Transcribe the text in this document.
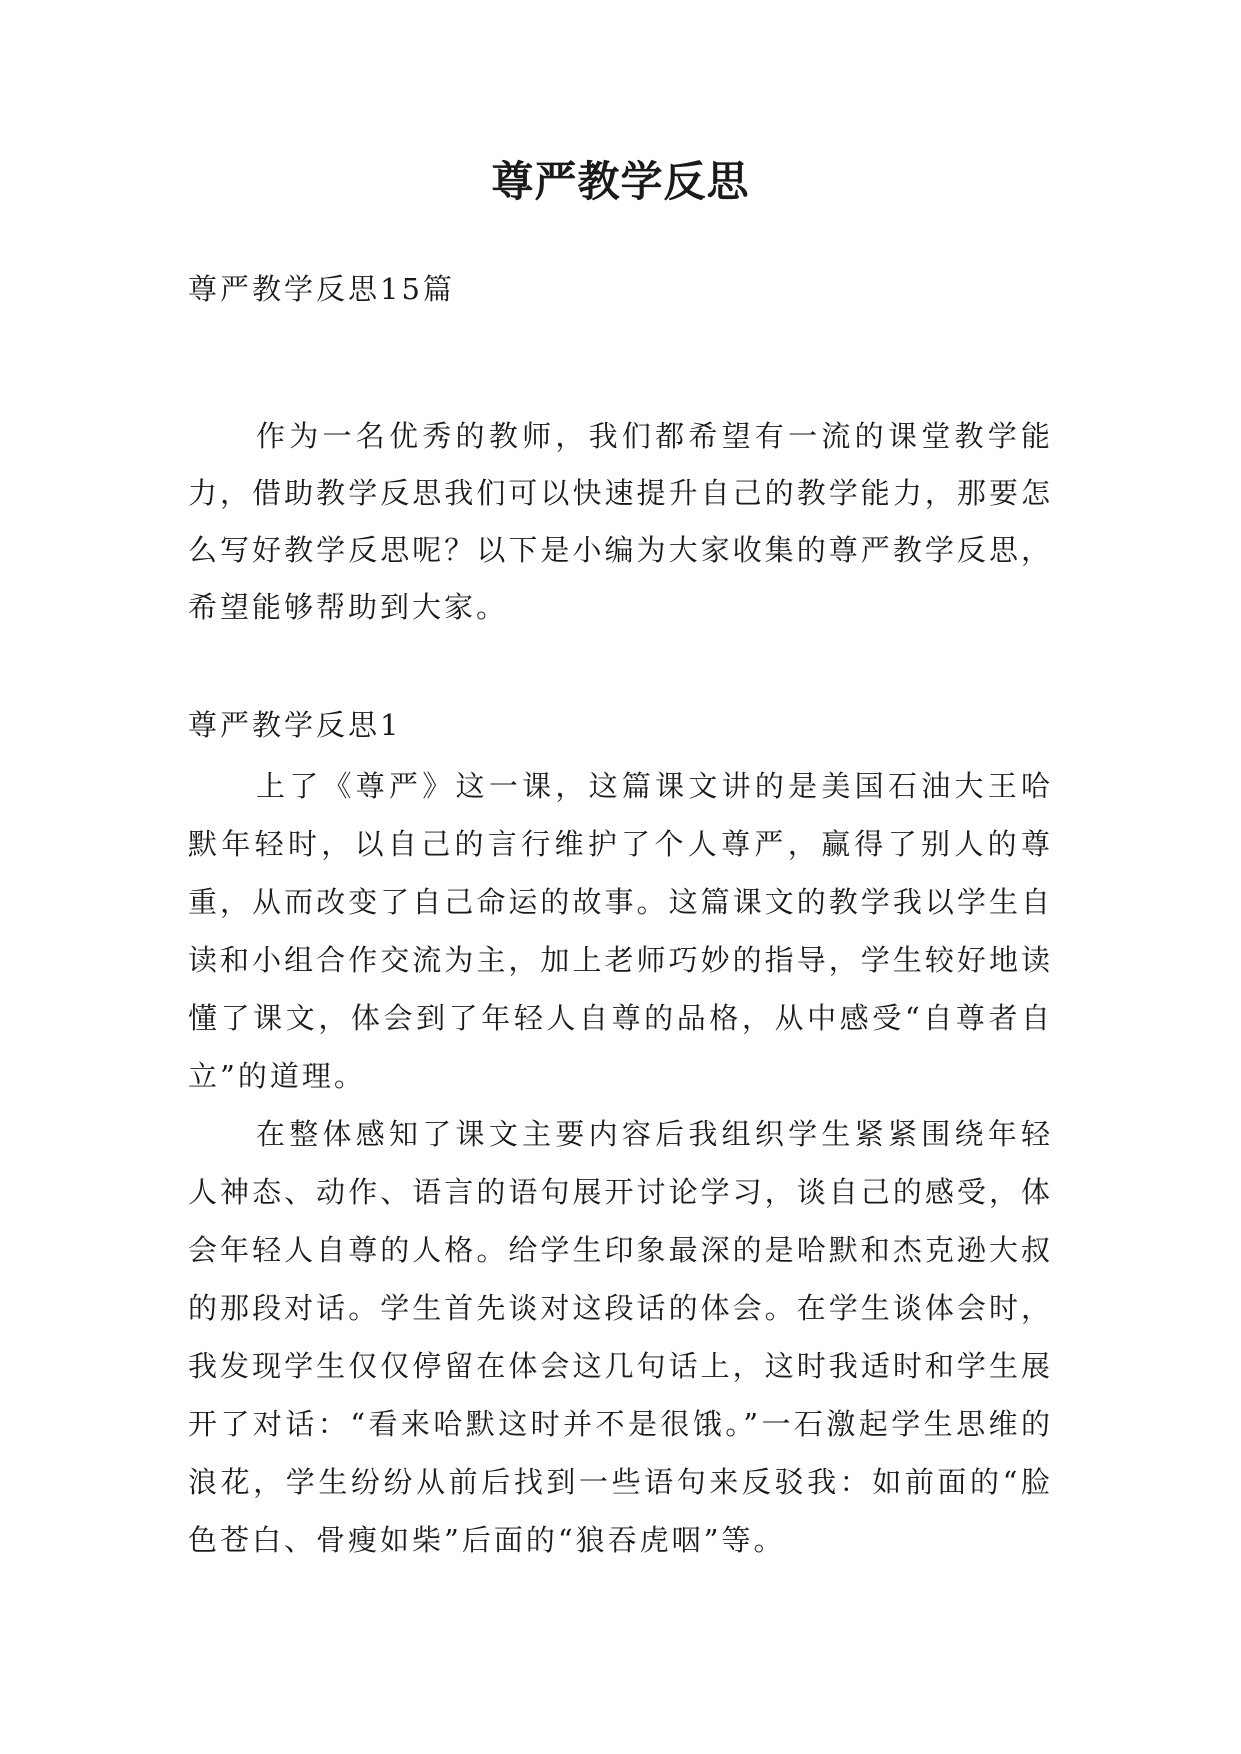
尊严教学反思

尊严教学反思15篇

作为一名优秀的教师，我们都希望有一流的课堂教学能力，借助教学反思我们可以快速提升自己的教学能力，那要怎么写好教学反思呢？以下是小编为大家收集的尊严教学反思，希望能够帮助到大家。

尊严教学反思1

上了《尊严》这一课，这篇课文讲的是美国石油大王哈默年轻时，以自己的言行维护了个人尊严，赢得了别人的尊重，从而改变了自己命运的故事。这篇课文的教学我以学生自读和小组合作交流为主，加上老师巧妙的指导，学生较好地读懂了课文，体会到了年轻人自尊的品格，从中感受“自尊者自立”的道理。

在整体感知了课文主要内容后我组织学生紧紧围绕年轻人神态、动作、语言的语句展开讨论学习，谈自己的感受，体会年轻人自尊的人格。给学生印象最深的是哈默和杰克逊大叔的那段对话。学生首先谈对这段话的体会。在学生谈体会时，我发现学生仅仅停留在体会这几句话上，这时我适时和学生展开了对话：“看来哈默这时并不是很饿。”一石激起学生思维的浪花，学生纷纷从前后找到一些语句来反驳我：如前面的“脸色苍白、骨瘦如柴”后面的“狼吞虎咽”等。
